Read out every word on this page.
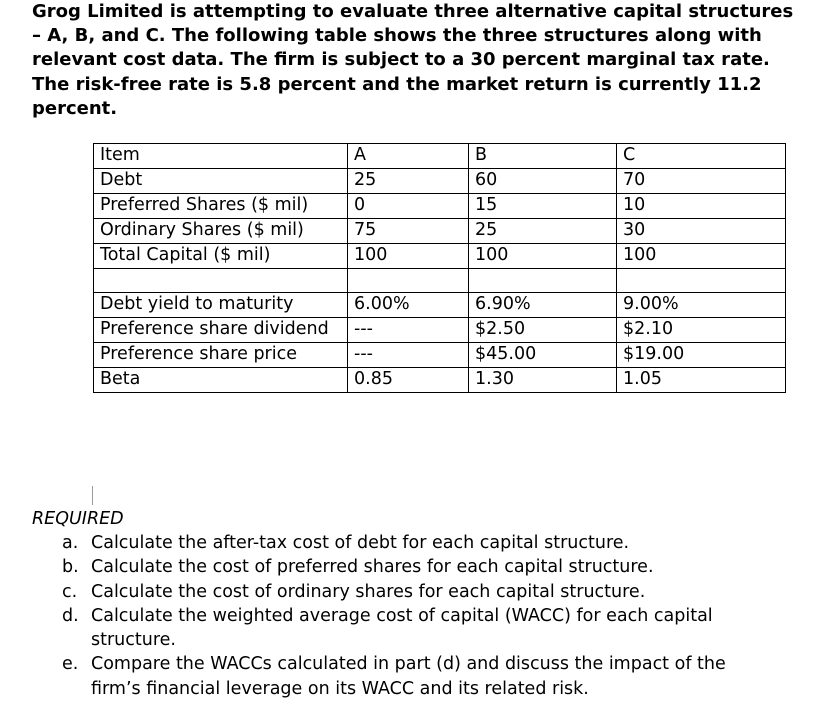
Grog Limited is attempting to evaluate three alternative capital structures
– A, B, and C. The following table shows the three structures along with
relevant cost data. The firm is subject to a 30 percent marginal tax rate.
The risk-free rate is 5.8 percent and the market return is currently 11.2
percent.
Item	A	B	C
Debt	25	60	70
Preferred Shares ($ mil)	0	15	10
Ordinary Shares ($ mil)	75	25	30
Total Capital ($ mil)	100	100	100

Debt yield to maturity	6.00%	6.90%	9.00%
Preference share dividend	---	$2.50	$2.10
Preference share price	---	$45.00	$19.00
Beta	0.85	1.30	1.05
REQUIRED
a. Calculate the after-tax cost of debt for each capital structure.
b. Calculate the cost of preferred shares for each capital structure.
c. Calculate the cost of ordinary shares for each capital structure.
d. Calculate the weighted average cost of capital (WACC) for each capital
structure.
e. Compare the WACCs calculated in part (d) and discuss the impact of the
firm’s financial leverage on its WACC and its related risk.
